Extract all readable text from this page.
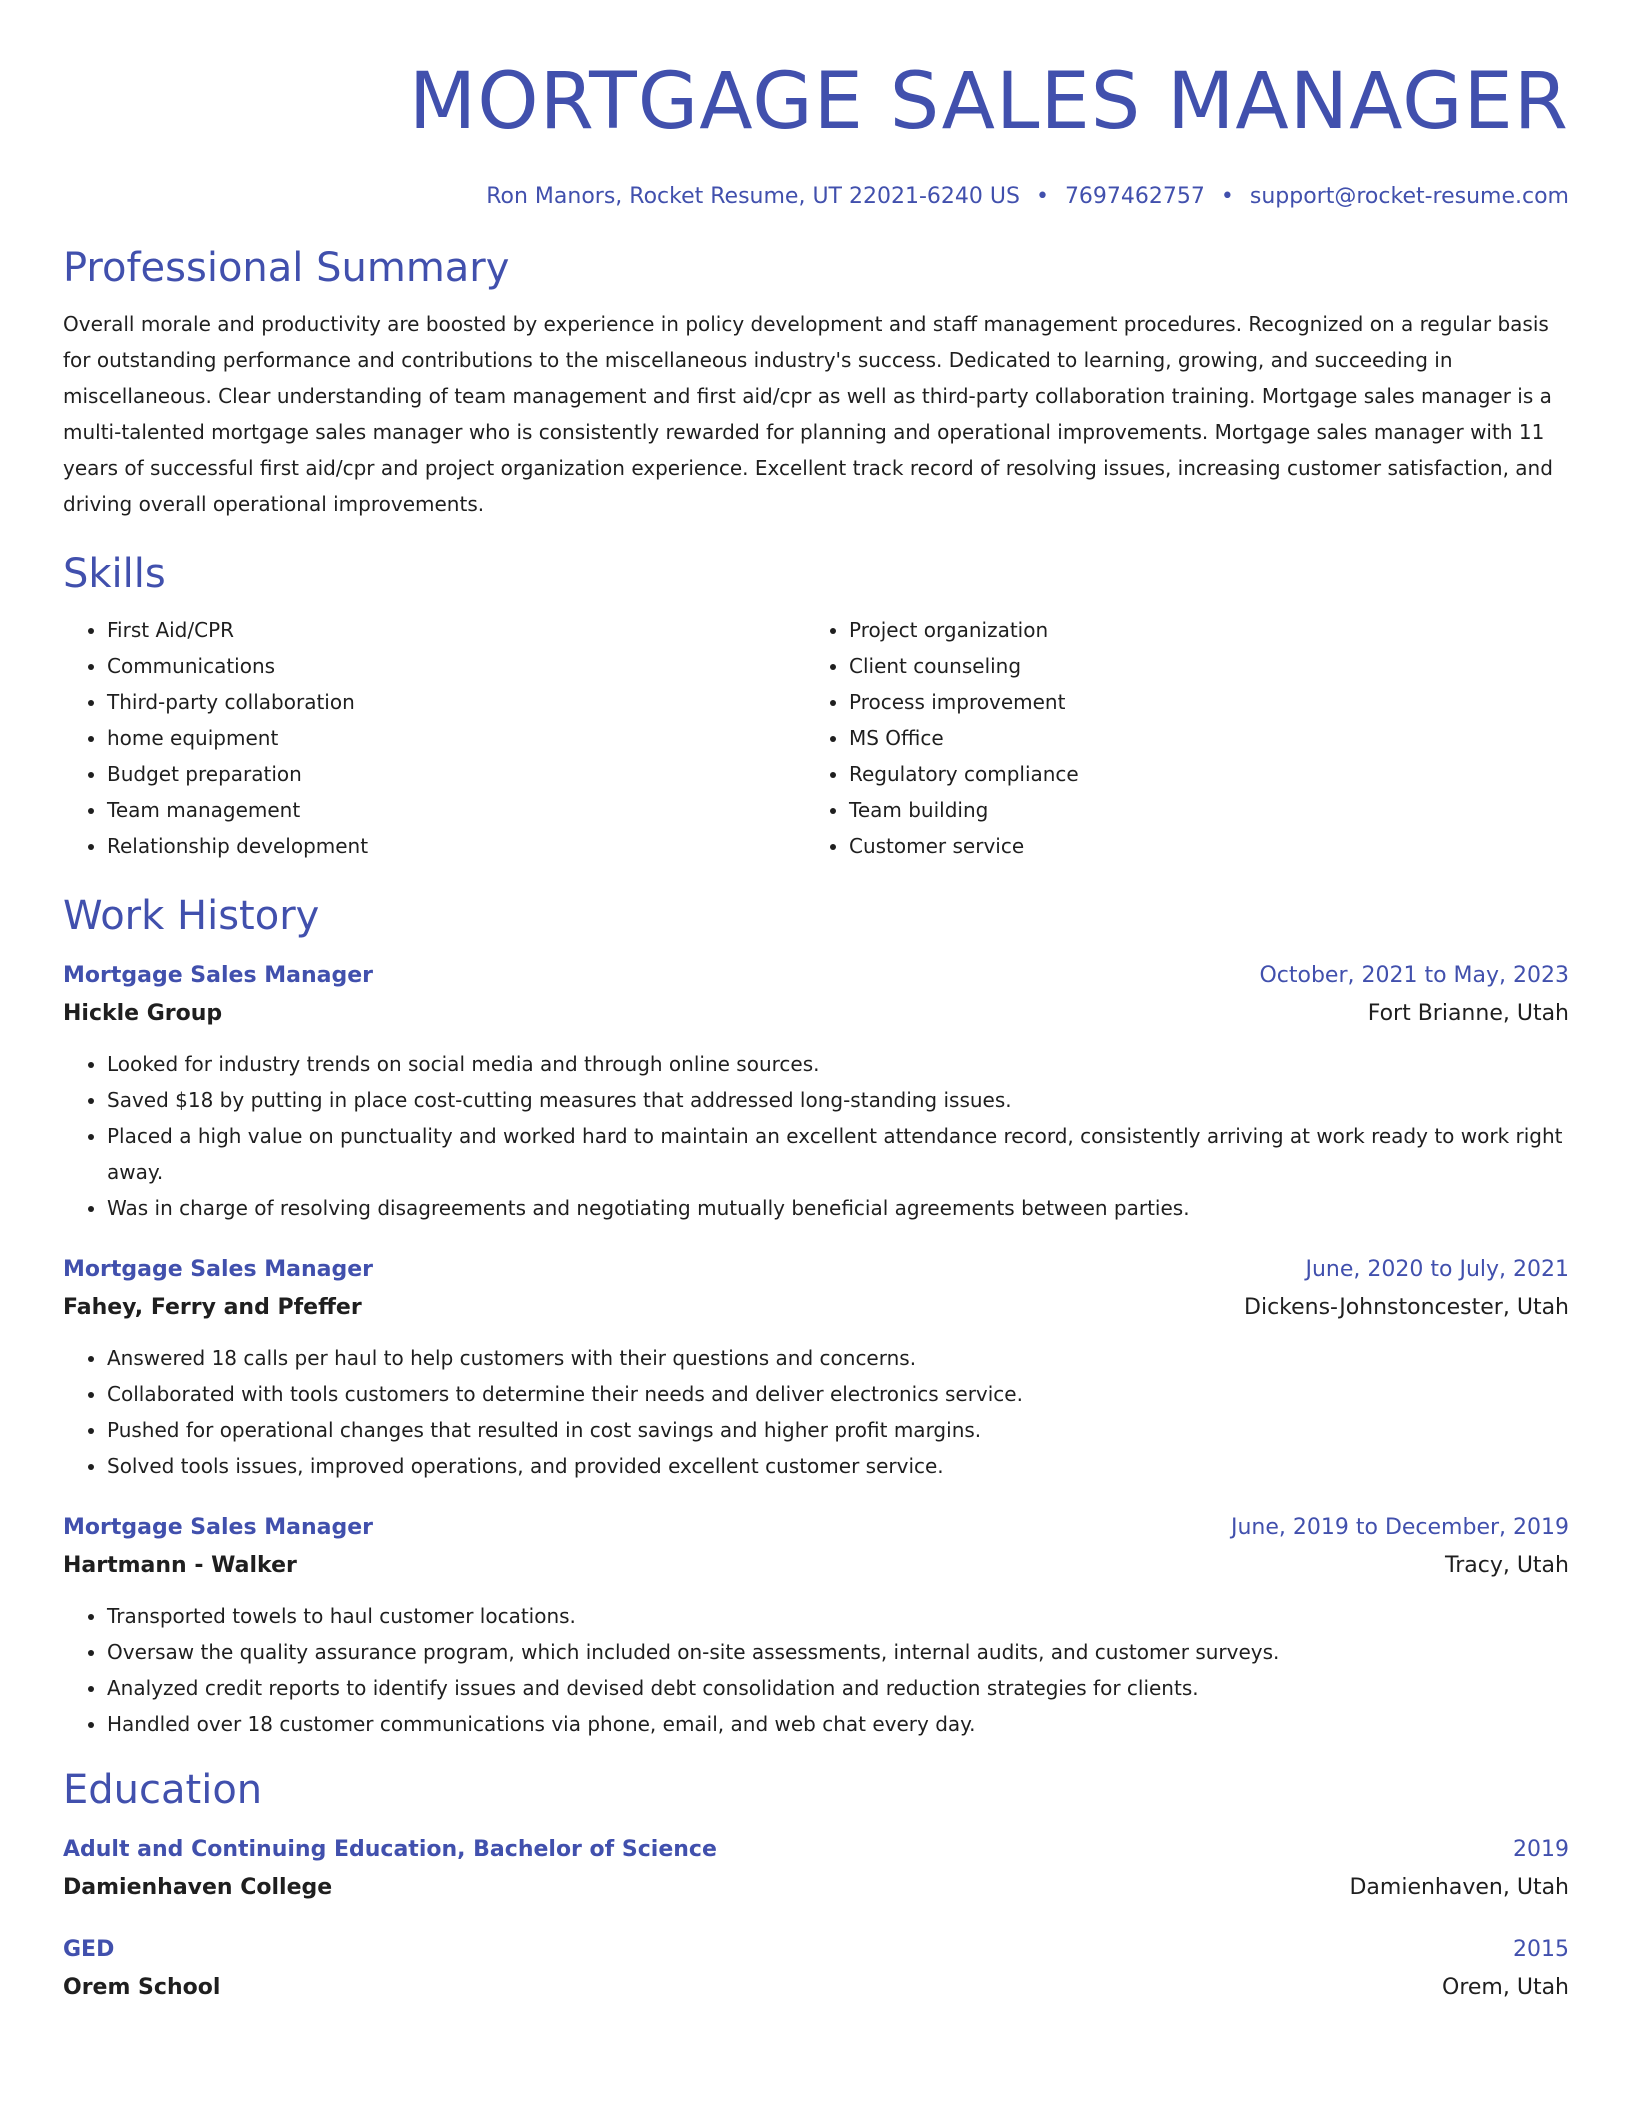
MORTGAGE SALES MANAGER
Ron Manors, Rocket Resume, UT 22021-6240 US • 7697462757 • support@rocket-resume.com
Professional Summary

Overall morale and productivity are boosted by experience in policy development and staff management procedures. Recognized on a regular basis for outstanding performance and contributions to the miscellaneous industry's success. Dedicated to learning, growing, and succeeding in miscellaneous. Clear understanding of team management and first aid/cpr as well as third-party collaboration training. Mortgage sales manager is a multi-talented mortgage sales manager who is consistently rewarded for planning and operational improvements. Mortgage sales manager with 11 years of successful first aid/cpr and project organization experience. Excellent track record of resolving issues, increasing customer satisfaction, and driving overall operational improvements.

Skills
• First Aid/CPR
• Communications
• Third-party collaboration
• home equipment
• Budget preparation
• Team management
• Relationship development
• Project organization
• Client counseling
• Process improvement
• MS Office
• Regulatory compliance
• Team building
• Customer service
Work History
Mortgage Sales Manager	October, 2021 to May, 2023
Hickle Group	Fort Brianne, Utah
• Looked for industry trends on social media and through online sources.
• Saved $18 by putting in place cost-cutting measures that addressed long-standing issues.
• Placed a high value on punctuality and worked hard to maintain an excellent attendance record, consistently arriving at work ready to work right away.
• Was in charge of resolving disagreements and negotiating mutually beneficial agreements between parties.
Mortgage Sales Manager	June, 2020 to July, 2021
Fahey, Ferry and Pfeffer	Dickens-Johnstoncester, Utah
• Answered 18 calls per haul to help customers with their questions and concerns.
• Collaborated with tools customers to determine their needs and deliver electronics service.
• Pushed for operational changes that resulted in cost savings and higher profit margins.
• Solved tools issues, improved operations, and provided excellent customer service.
Mortgage Sales Manager	June, 2019 to December, 2019
Hartmann - Walker	Tracy, Utah
• Transported towels to haul customer locations.
• Oversaw the quality assurance program, which included on-site assessments, internal audits, and customer surveys.
• Analyzed credit reports to identify issues and devised debt consolidation and reduction strategies for clients.
• Handled over 18 customer communications via phone, email, and web chat every day.
Education
Adult and Continuing Education, Bachelor of Science	2019
Damienhaven College	Damienhaven, Utah
GED	2015
Orem School	Orem, Utah
